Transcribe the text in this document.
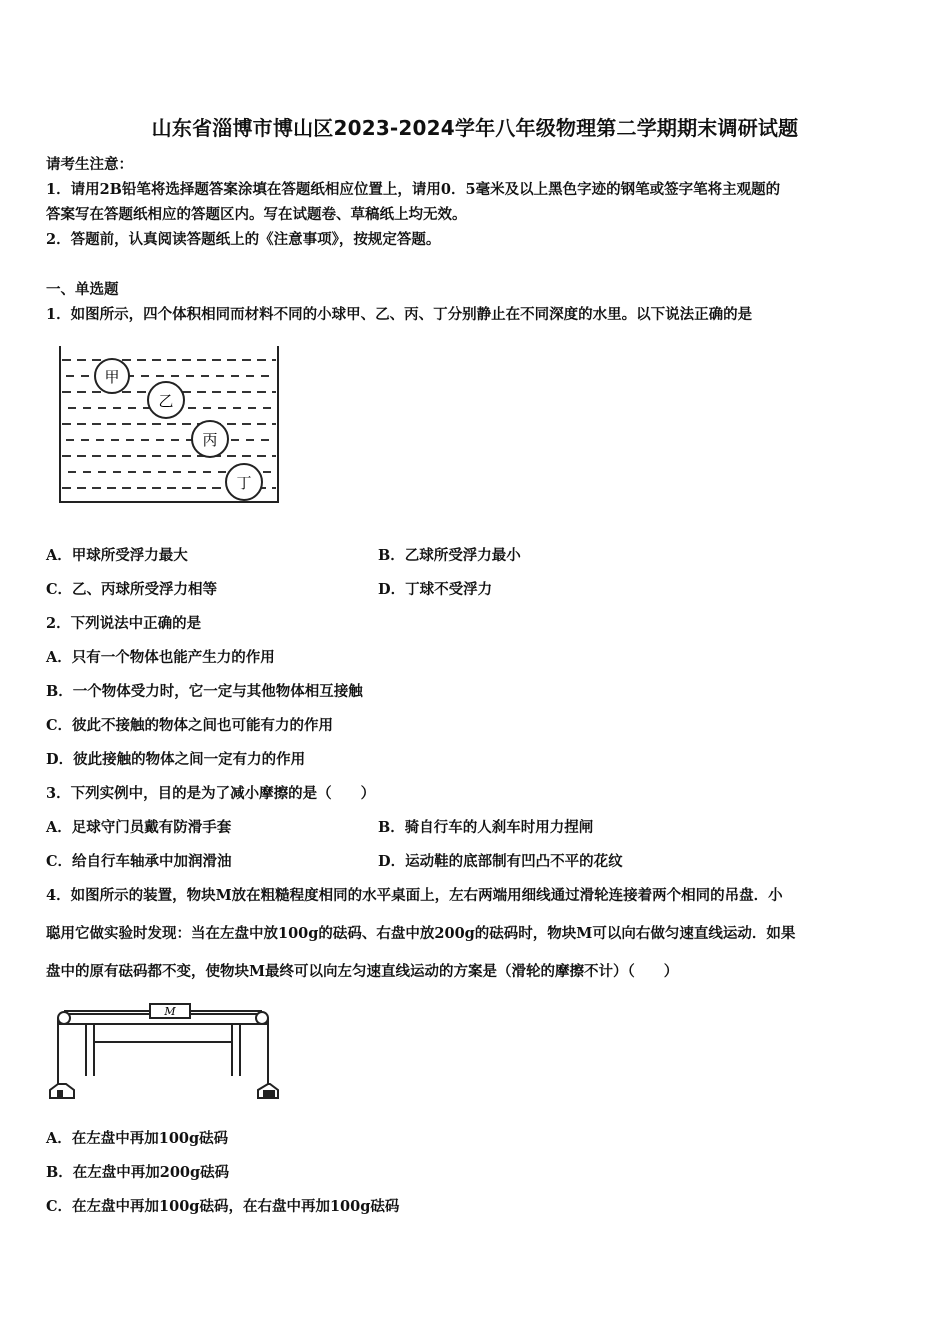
山东省淄博市博山区2023-2024学年八年级物理第二学期期末调研试题
请考生注意：
1．请用2B铅笔将选择题答案涂填在答题纸相应位置上，请用0．5毫米及以上黑色字迹的钢笔或签字笔将主观题的
答案写在答题纸相应的答题区内。写在试题卷、草稿纸上均无效。
2．答题前，认真阅读答题纸上的《注意事项》，按规定答题。
一、单选题
1．如图所示，四个体积相同而材料不同的小球甲、乙、丙、丁分别静止在不同深度的水里。以下说法正确的是
甲
乙
丙
丁
A．甲球所受浮力最大	B．乙球所受浮力最小
C．乙、丙球所受浮力相等	D．丁球不受浮力
2．下列说法中正确的是
A．只有一个物体也能产生力的作用
B．一个物体受力时，它一定与其他物体相互接触
C．彼此不接触的物体之间也可能有力的作用
D．彼此接触的物体之间一定有力的作用
3．下列实例中，目的是为了减小摩擦的是（　　）
A．足球守门员戴有防滑手套	B．骑自行车的人刹车时用力捏闸
C．给自行车轴承中加润滑油	D．运动鞋的底部制有凹凸不平的花纹
4．如图所示的装置，物块M放在粗糙程度相同的水平桌面上，左右两端用细线通过滑轮连接着两个相同的吊盘．小
聪用它做实验时发现：当在左盘中放100g的砝码、右盘中放200g的砝码时，物块M可以向右做匀速直线运动．如果
盘中的原有砝码都不变，使物块M最终可以向左匀速直线运动的方案是（滑轮的摩擦不计）（　　）
M
A．在左盘中再加100g砝码
B．在左盘中再加200g砝码
C．在左盘中再加100g砝码，在右盘中再加100g砝码
